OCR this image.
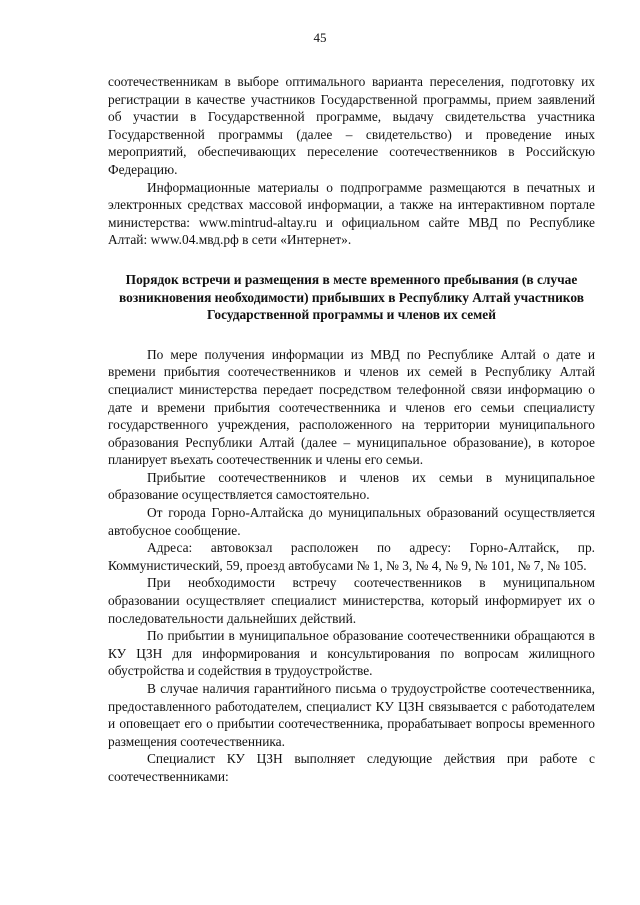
45

соотечественникам в выборе оптимального варианта переселения, подготовку их регистрации в качестве участников Государственной программы, прием заявлений об участии в Государственной программе, выдачу свидетельства участника Государственной программы (далее – свидетельство) и проведение иных мероприятий, обеспечивающих переселение соотечественников в Российскую Федерацию.

Информационные материалы о подпрограмме размещаются в печатных и электронных средствах массовой информации, а также на интерактивном портале министерства: www.mintrud-altay.ru и официальном сайте МВД по Республике Алтай: www.04.мвд.рф в сети «Интернет».

Порядок встречи и размещения в месте временного пребывания (в случае возникновения необходимости) прибывших в Республику Алтай участников Государственной программы и членов их семей

По мере получения информации из МВД по Республике Алтай о дате и времени прибытия соотечественников и членов их семей в Республику Алтай специалист министерства передает посредством телефонной связи информацию о дате и времени прибытия соотечественника и членов его семьи специалисту государственного учреждения, расположенного на территории муниципального образования Республики Алтай (далее – муниципальное образование), в которое планирует въехать соотечественник и члены его семьи.

Прибытие соотечественников и членов их семьи в муниципальное образование осуществляется самостоятельно.

От города Горно-Алтайска до муниципальных образований осуществляется автобусное сообщение.

Адреса: автовокзал расположен по адресу: Горно-Алтайск, пр. Коммунистический, 59, проезд автобусами № 1, № 3, № 4, № 9, № 101, № 7, № 105.

При необходимости встречу соотечественников в муниципальном образовании осуществляет специалист министерства, который информирует их о последовательности дальнейших действий.

По прибытии в муниципальное образование соотечественники обращаются в КУ ЦЗН для информирования и консультирования по вопросам жилищного обустройства и содействия в трудоустройстве.

В случае наличия гарантийного письма о трудоустройстве соотечественника, предоставленного работодателем, специалист КУ ЦЗН связывается с работодателем и оповещает его о прибытии соотечественника, прорабатывает вопросы временного размещения соотечественника.

Специалист КУ ЦЗН выполняет следующие действия при работе с соотечественниками:
